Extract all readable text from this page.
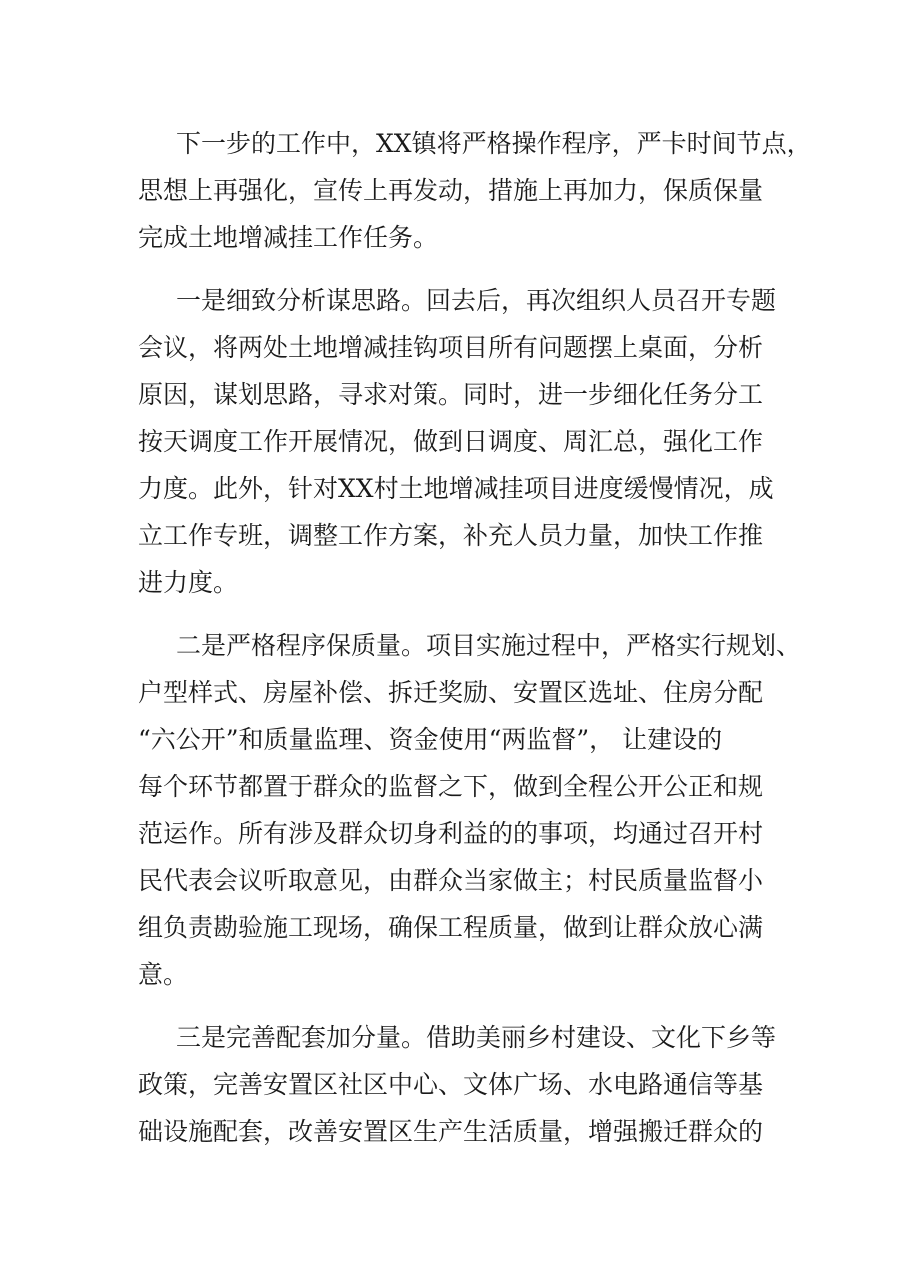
下一步的工作中，XX镇将严格操作程序，严卡时间节点，
思想上再强化，宣传上再发动，措施上再加力，保质保量
完成土地增减挂工作任务。
一是细致分析谋思路。回去后，再次组织人员召开专题
会议，将两处土地增减挂钩项目所有问题摆上桌面，分析
原因，谋划思路，寻求对策。同时，进一步细化任务分工
按天调度工作开展情况，做到日调度、周汇总，强化工作
力度。此外，针对XX村土地增减挂项目进度缓慢情况，成
立工作专班，调整工作方案，补充人员力量，加快工作推
进力度。
二是严格程序保质量。项目实施过程中，严格实行规划、
户型样式、房屋补偿、拆迁奖励、安置区选址、住房分配
“六公开”和质量监理、资金使用“两监督”， 让建设的
每个环节都置于群众的监督之下，做到全程公开公正和规
范运作。所有涉及群众切身利益的的事项，均通过召开村
民代表会议听取意见，由群众当家做主；村民质量监督小
组负责勘验施工现场，确保工程质量，做到让群众放心满
意。
三是完善配套加分量。借助美丽乡村建设、文化下乡等
政策，完善安置区社区中心、文体广场、水电路通信等基
础设施配套，改善安置区生产生活质量，增强搬迁群众的
